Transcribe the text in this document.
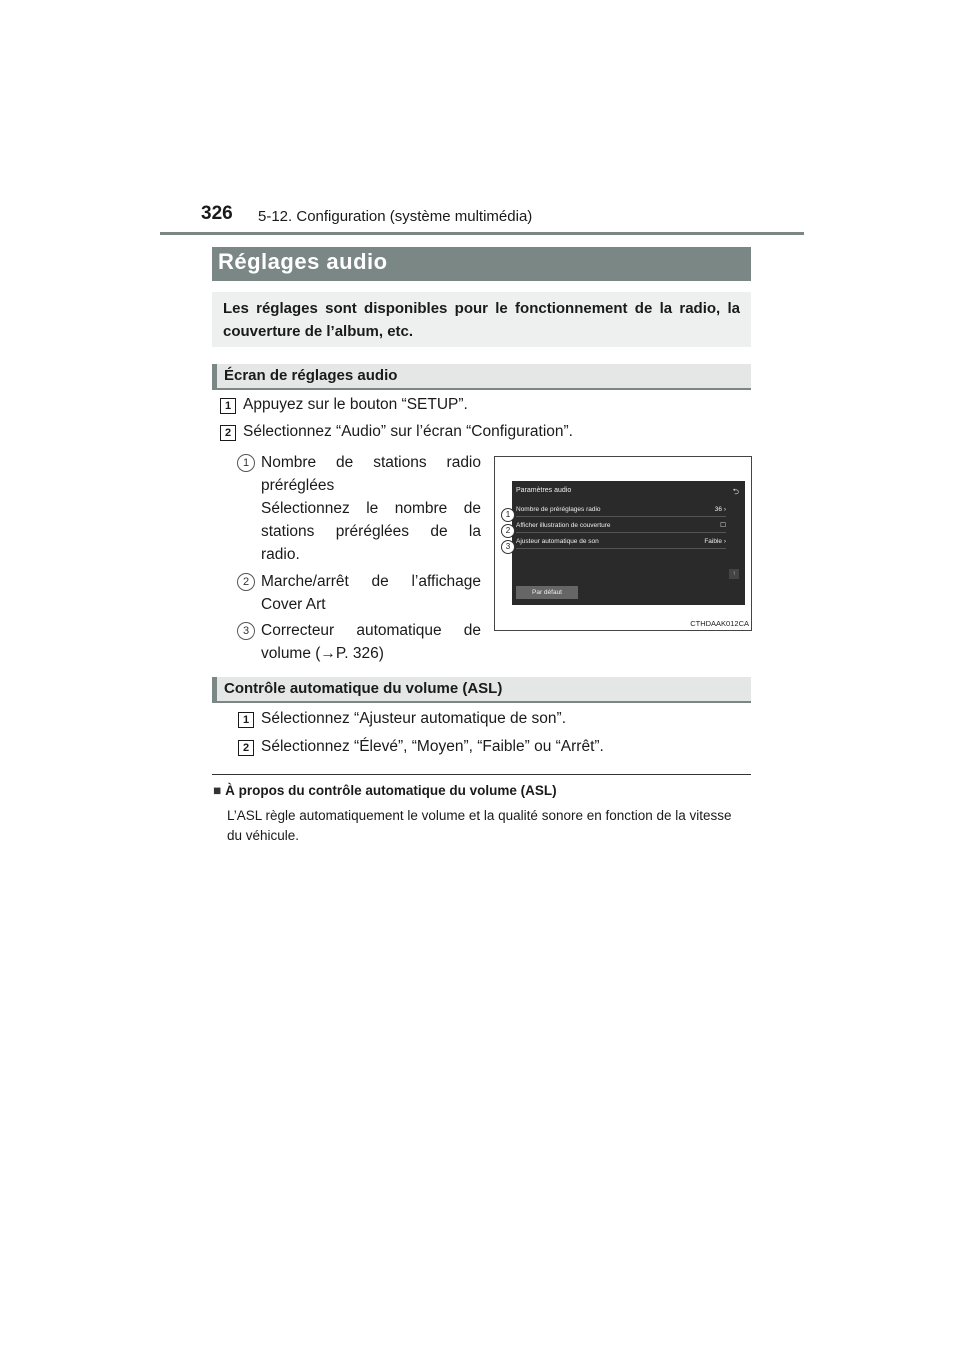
326 5-12. Configuration (système multimédia)
Réglages audio

Les réglages sont disponibles pour le fonctionnement de la radio, la couverture de l’album, etc.

Écran de réglages audio
1 Appuyez sur le bouton “SETUP”.
2 Sélectionnez “Audio” sur l’écran “Configuration”.
1 Nombre de stations radio
préréglées
Sélectionnez le nombre de
stations préréglées de la
radio.
2 Marche/arrêt de l’affichage
Cover Art
3 Correcteur automatique de
volume (→P. 326)
Paramètres audio	⮌
Nombre de préréglages radio	36 ›
Afficher illustration de couverture	☐
Ajusteur automatique de son	Faible ›
↑
Par défaut
1
2
3
CTHDAAK012CA
Contrôle automatique du volume (ASL)
1 Sélectionnez “Ajusteur automatique de son”.
2 Sélectionnez “Élevé”, “Moyen”, “Faible” ou “Arrêt”.
■ À propos du contrôle automatique du volume (ASL)
L’ASL règle automatiquement le volume et la qualité sonore en fonction de la vitesse du véhicule.
